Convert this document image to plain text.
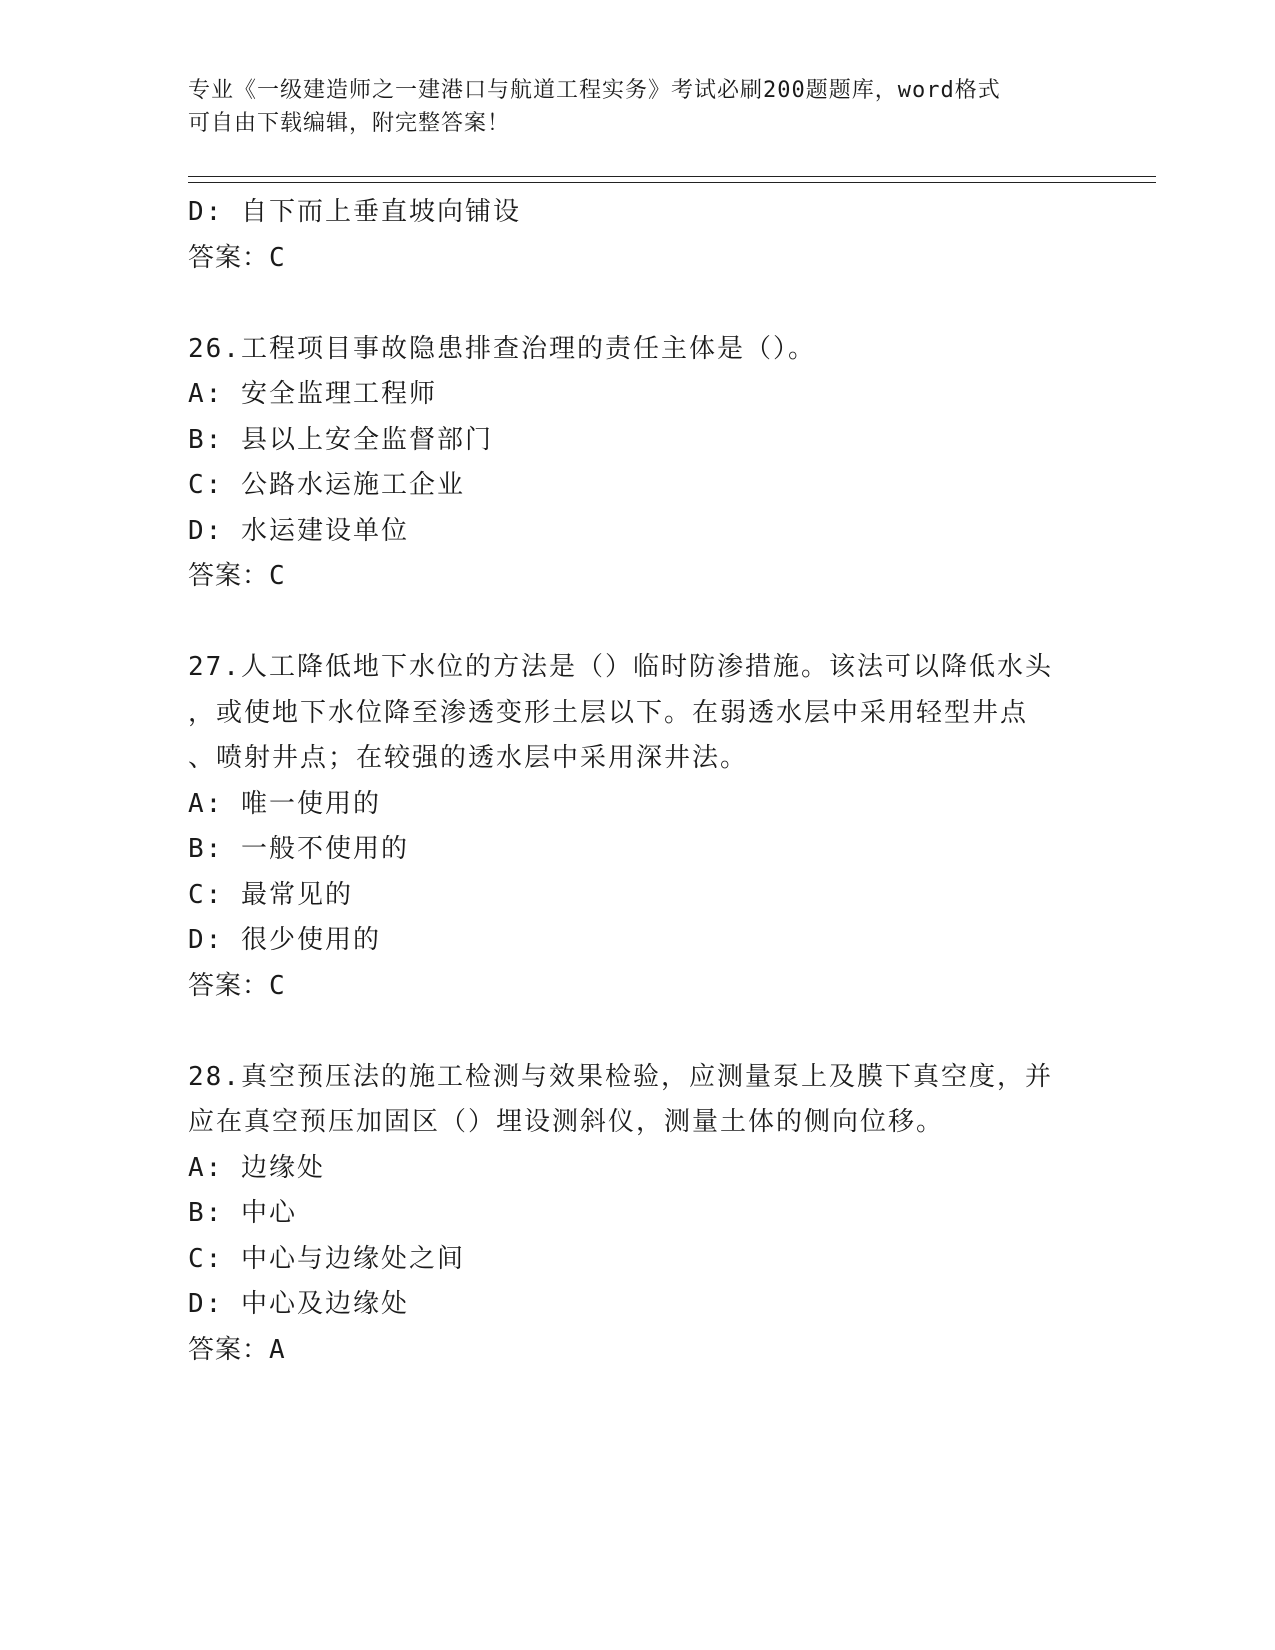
专业《一级建造师之一建港口与航道工程实务》考试必刷200题题库，word格式
可自由下载编辑，附完整答案！
D: 自下而上垂直坡向铺设
答案：C
26.工程项目事故隐患排查治理的责任主体是（）。
A: 安全监理工程师
B: 县以上安全监督部门
C: 公路水运施工企业
D: 水运建设单位
答案：C
27.人工降低地下水位的方法是（）临时防渗措施。该法可以降低水头
，或使地下水位降至渗透变形土层以下。在弱透水层中采用轻型井点
、喷射井点；在较强的透水层中采用深井法。
A: 唯一使用的
B: 一般不使用的
C: 最常见的
D: 很少使用的
答案：C
28.真空预压法的施工检测与效果检验，应测量泵上及膜下真空度，并
应在真空预压加固区（）埋设测斜仪，测量土体的侧向位移。
A: 边缘处
B: 中心
C: 中心与边缘处之间
D: 中心及边缘处
答案：A
